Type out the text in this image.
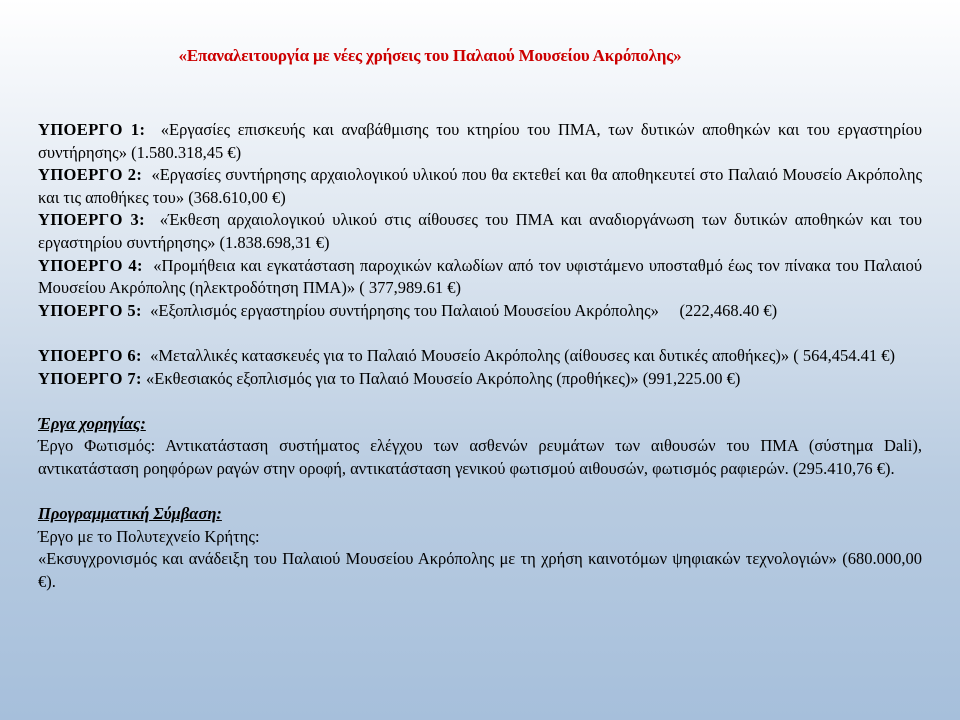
«Επαναλειτουργία με νέες χρήσεις του Παλαιού Μουσείου Ακρόπολης»

ΥΠΟΕΡΓΟ 1: «Εργασίες επισκευής και αναβάθμισης του κτηρίου του ΠΜΑ, των δυτικών αποθηκών και του εργαστηρίου συντήρησης» (1.580.318,45 €)

ΥΠΟΕΡΓΟ 2: «Εργασίες συντήρησης αρχαιολογικού υλικού που θα εκτεθεί και θα αποθηκευτεί στο Παλαιό Μουσείο Ακρόπολης και τις αποθήκες του» (368.610,00 €)

ΥΠΟΕΡΓΟ 3: «Έκθεση αρχαιολογικού υλικού στις αίθουσες του ΠΜΑ και αναδιοργάνωση των δυτικών αποθηκών και του εργαστηρίου συντήρησης» (1.838.698,31 €)

ΥΠΟΕΡΓΟ 4: «Προμήθεια και εγκατάσταση παροχικών καλωδίων από τον υφιστάμενο υποσταθμό έως τον πίνακα του Παλαιού Μουσείου Ακρόπολης (ηλεκτροδότηση ΠΜΑ)» ( 377,989.61 €)

ΥΠΟΕΡΓΟ 5: «Εξοπλισμός εργαστηρίου συντήρησης του Παλαιού Μουσείου Ακρόπολης»     (222,468.40 €)

ΥΠΟΕΡΓΟ 6: «Μεταλλικές κατασκευές για το Παλαιό Μουσείο Ακρόπολης (αίθουσες και δυτικές αποθήκες)» ( 564,454.41 €)

ΥΠΟΕΡΓΟ 7: «Εκθεσιακός εξοπλισμός για το Παλαιό Μουσείο Ακρόπολης (προθήκες)» (991,225.00 €)

Έργα χορηγίας:

Έργο Φωτισμός: Αντικατάσταση συστήματος ελέγχου των ασθενών ρευμάτων των αιθουσών του ΠΜΑ (σύστημα Dali), αντικατάσταση ροηφόρων ραγών στην οροφή, αντικατάσταση γενικού φωτισμού αιθουσών, φωτισμός ραφιερών. (295.410,76 €).

Προγραμματική Σύμβαση:

Έργο με το Πολυτεχνείο Κρήτης:

«Εκσυγχρονισμός και ανάδειξη του Παλαιού Μουσείου Ακρόπολης με τη χρήση καινοτόμων ψηφιακών τεχνολογιών» (680.000,00 €).
